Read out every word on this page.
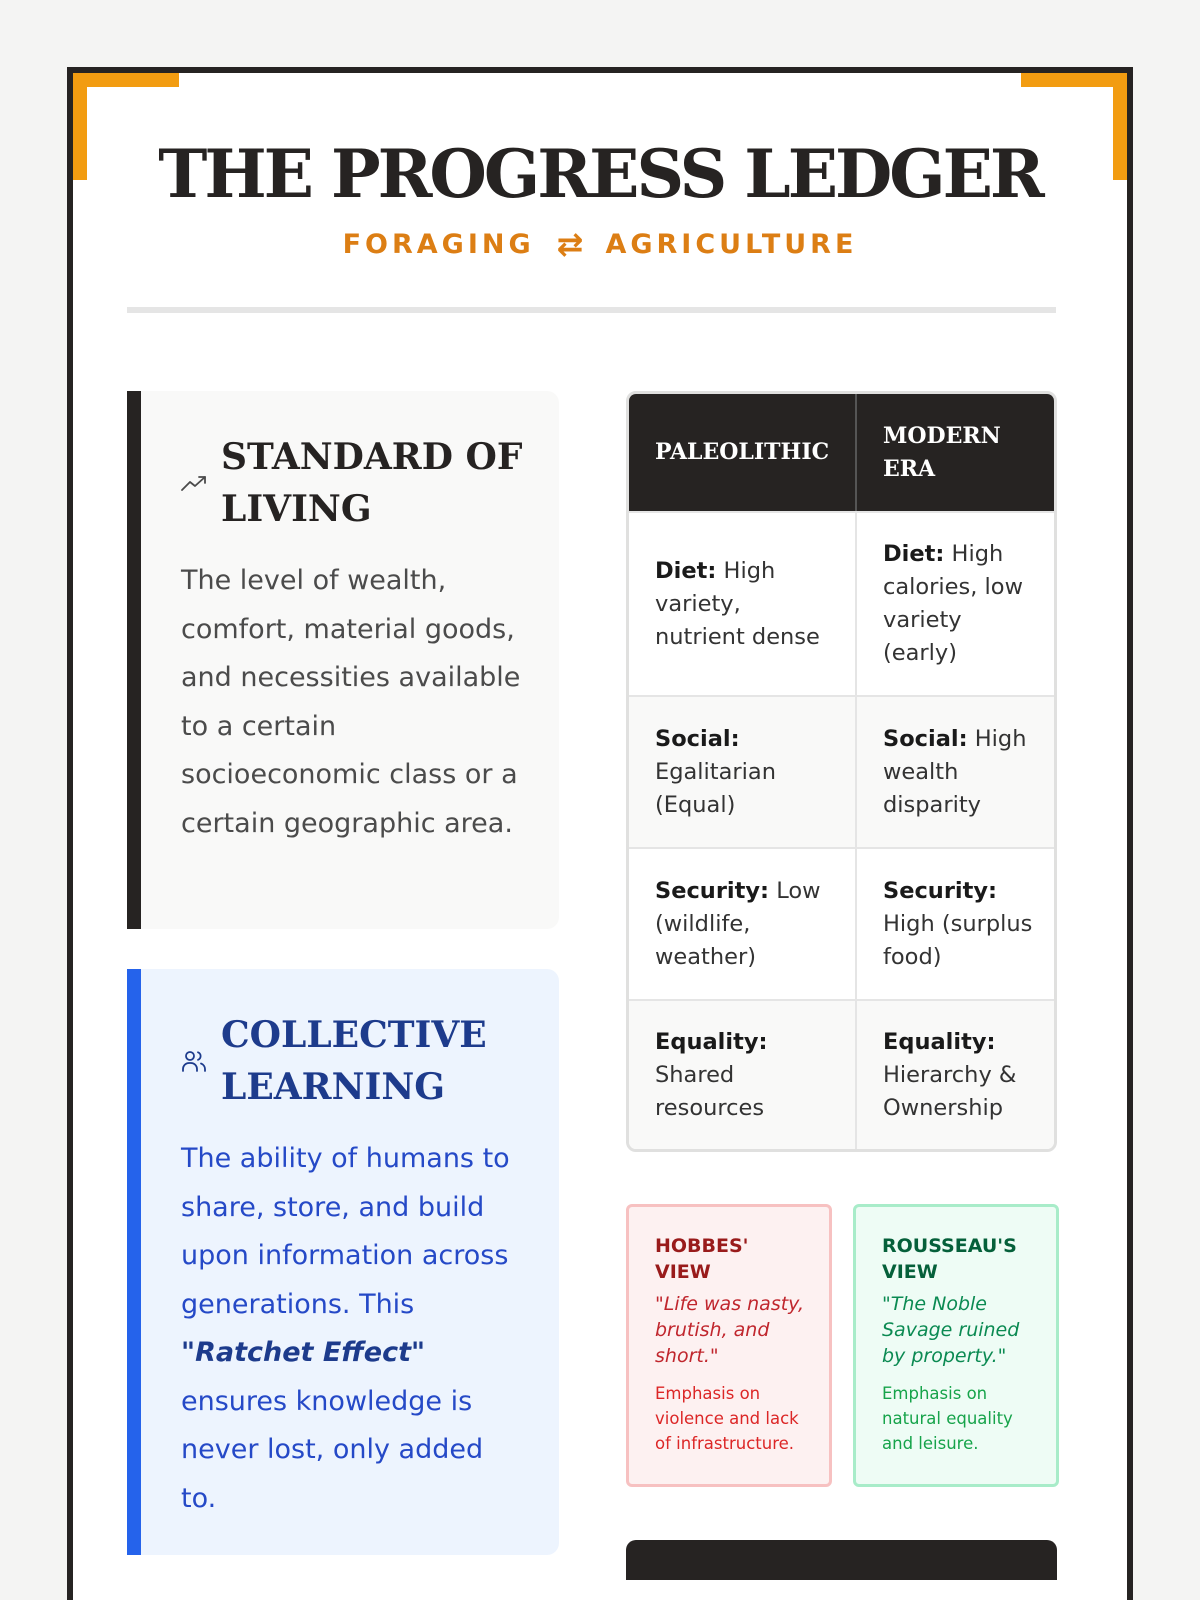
THE PROGRESS LEDGER
FORAGING ⇄ AGRICULTURE
STANDARD OF LIVING

The level of wealth, comfort, material goods, and necessities available to a certain socioeconomic class or a certain geographic area.

COLLECTIVE LEARNING

The ability of humans to share, store, and build upon information across generations. This "Ratchet Effect" ensures knowledge is never lost, only added to.

PALEOLITHIC
MODERN ERA
Diet: High variety, nutrient dense
Diet: High calories, low variety (early)
Social: Egalitarian (Equal)
Social: High wealth disparity
Security: Low (wildlife, weather)
Security: High (surplus food)
Equality: Shared resources
Equality: Hierarchy & Ownership
HOBBES' VIEW
"Life was nasty, brutish, and short."
Emphasis on violence and lack of infrastructure.
ROUSSEAU'S VIEW
"The Noble Savage ruined by property."
Emphasis on natural equality and leisure.
